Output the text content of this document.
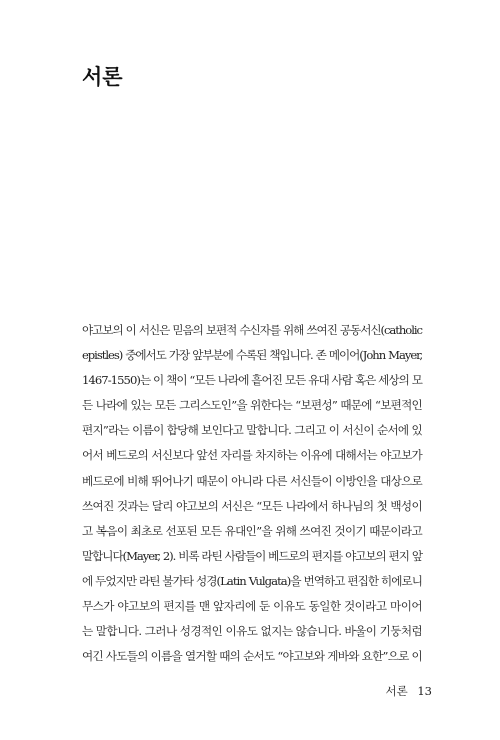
서론
야고보의 이 서신은 믿음의 보편적 수신자를 위해 쓰여진 공동서신(catholic
epistles) 중에서도 가장 앞부분에 수록된 책입니다. 존 메이어(John Mayer,
1467-1550)는 이 책이 “모든 나라에 흩어진 모든 유대 사람 혹은 세상의 모
든 나라에 있는 모든 그리스도인”을 위한다는 “보편성” 때문에 “보편적인
편지”라는 이름이 합당해 보인다고 말합니다. 그리고 이 서신이 순서에 있
어서 베드로의 서신보다 앞선 자리를 차지하는 이유에 대해서는 야고보가
베드로에 비해 뛰어나기 때문이 아니라 다른 서신들이 이방인을 대상으로
쓰여진 것과는 달리 야고보의 서신은 “모든 나라에서 하나님의 첫 백성이
고 복음이 최초로 선포된 모든 유대인”을 위해 쓰여진 것이기 때문이라고
말합니다(Mayer, 2). 비록 라틴 사람들이 베드로의 편지를 야고보의 편지 앞
에 두었지만 라틴 불가타 성경(Latin Vulgata)을 번역하고 편집한 히에로니
무스가 야고보의 편지를 맨 앞자리에 둔 이유도 동일한 것이라고 마이어
는 말합니다. 그러나 성경적인 이유도 없지는 않습니다. 바울이 기둥처럼
여긴 사도들의 이름을 열거할 때의 순서도 “야고보와 게바와 요한”으로 이
서론 13
